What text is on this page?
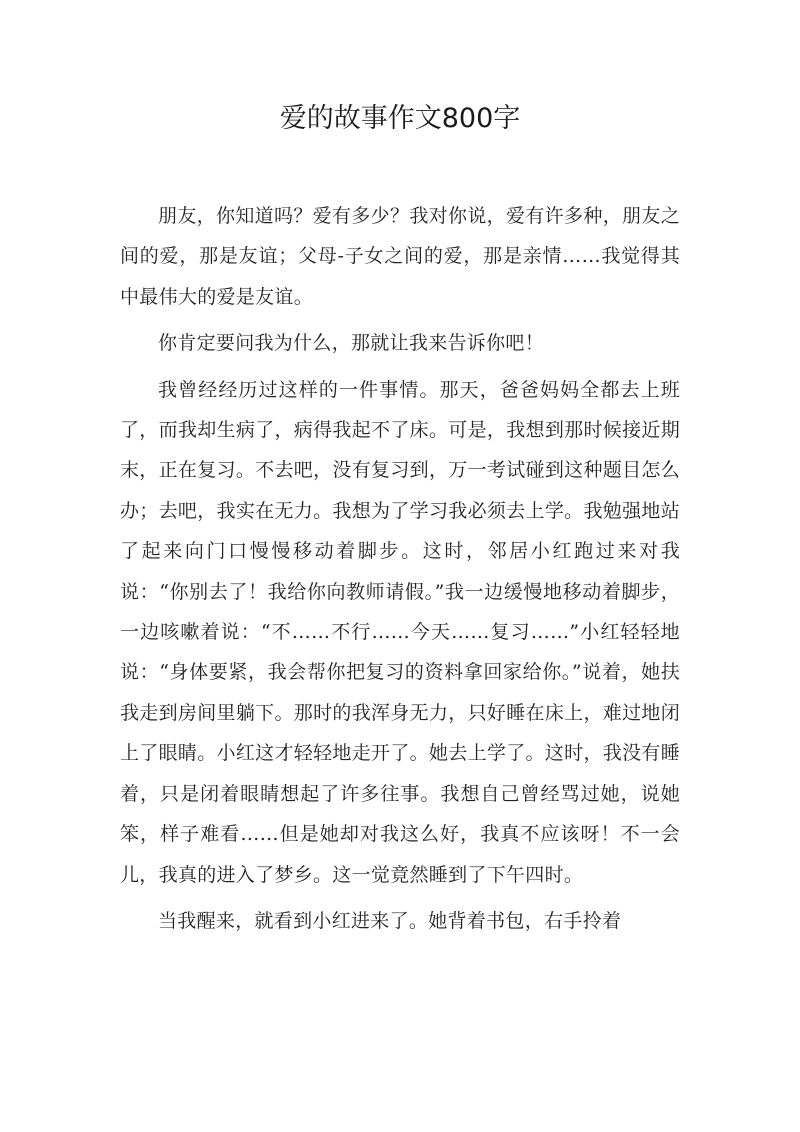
爱的故事作文800字

朋友，你知道吗？爱有多少？我对你说，爱有许多种，朋友之间的爱，那是友谊；父母-子女之间的爱，那是亲情……我觉得其中最伟大的爱是友谊。

你肯定要问我为什么，那就让我来告诉你吧！

我曾经经历过这样的一件事情。那天，爸爸妈妈全都去上班了，而我却生病了，病得我起不了床。可是，我想到那时候接近期末，正在复习。不去吧，没有复习到，万一考试碰到这种题目怎么办；去吧，我实在无力。我想为了学习我必须去上学。我勉强地站了起来向门口慢慢移动着脚步。这时，邻居小红跑过来对我说：“你别去了！我给你向教师请假。”我一边缓慢地移动着脚步，一边咳嗽着说：“不……不行……今天……复习……”小红轻轻地说：“身体要紧，我会帮你把复习的资料拿回家给你。”说着，她扶我走到房间里躺下。那时的我浑身无力，只好睡在床上，难过地闭上了眼睛。小红这才轻轻地走开了。她去上学了。这时，我没有睡着，只是闭着眼睛想起了许多往事。我想自己曾经骂过她，说她笨，样子难看……但是她却对我这么好，我真不应该呀！不一会儿，我真的进入了梦乡。这一觉竟然睡到了下午四时。

当我醒来，就看到小红进来了。她背着书包，右手拎着
